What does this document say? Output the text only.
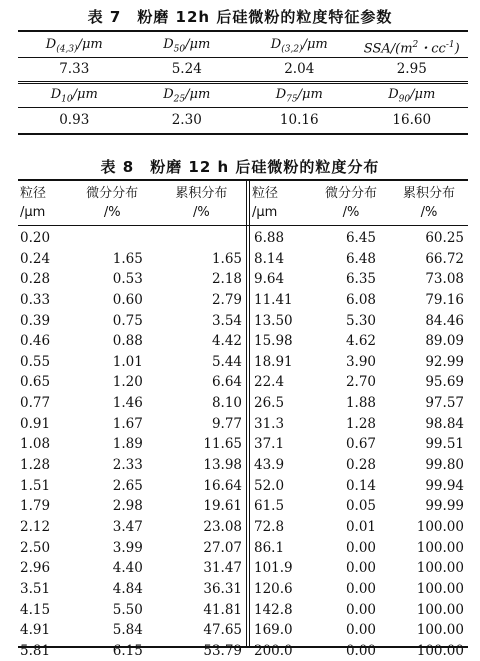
表 7　粉磨 12h 后硅微粉的粒度特征参数
$D_{(4,3)}/\mu m$	$D_{50}/\mu m$	$D_{(3,2)}/\mu m$	SSA/($m^2$・$cc^{-1}$)
7.33	5.24	2.04	2.95
$D_{10}/\mu m$	$D_{25}/\mu m$	$D_{75}/\mu m$	$D_{90}/\mu m$
0.93	2.30	10.16	16.60
表 8　粉磨 12 h 后硅微粉的粒度分布
粒径
/μm
微分分布
/%
累积分布
/%
0.20
0.24	1.65	1.65
0.28	0.53	2.18
0.33	0.60	2.79
0.39	0.75	3.54
0.46	0.88	4.42
0.55	1.01	5.44
0.65	1.20	6.64
0.77	1.46	8.10
0.91	1.67	9.77
1.08	1.89	11.65
1.28	2.33	13.98
1.51	2.65	16.64
1.79	2.98	19.61
2.12	3.47	23.08
2.50	3.99	27.07
2.96	4.40	31.47
3.51	4.84	36.31
4.15	5.50	41.81
4.91	5.84	47.65
5.81	6.15	53.79
粒径
/μm
微分分布
/%
累积分布
/%
6.88	6.45	60.25
8.14	6.48	66.72
9.64	6.35	73.08
11.41	6.08	79.16
13.50	5.30	84.46
15.98	4.62	89.09
18.91	3.90	92.99
22.4	2.70	95.69
26.5	1.88	97.57
31.3	1.28	98.84
37.1	0.67	99.51
43.9	0.28	99.80
52.0	0.14	99.94
61.5	0.05	99.99
72.8	0.01	100.00
86.1	0.00	100.00
101.9	0.00	100.00
120.6	0.00	100.00
142.8	0.00	100.00
169.0	0.00	100.00
200.0	0.00	100.00
